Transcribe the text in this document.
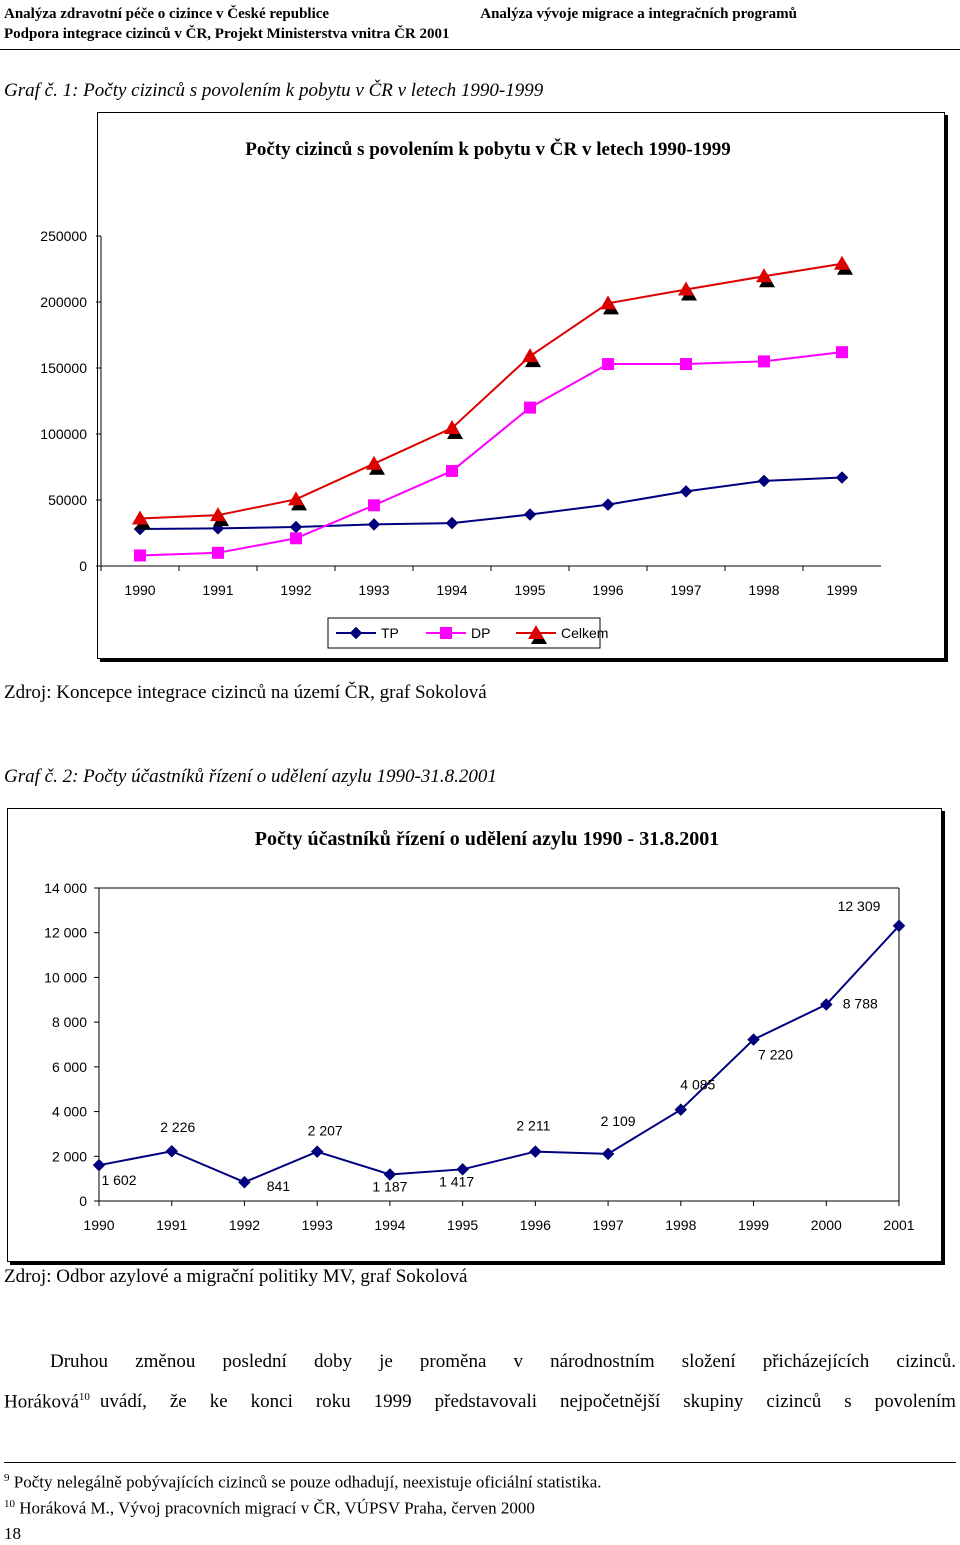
Analýza zdravotní péče o cizince v České republice	Analýza vývoje migrace a integračních programů
Podpora integrace cizinců v ČR, Projekt Ministerstva vnitra ČR 2001
Graf č. 1: Počty cizinců s povolením k pobytu v ČR v letech 1990-1999
Počty cizinců s povolením k pobytu v ČR v letech 1990-1999
0
50000
100000
150000
200000
250000
1990	1991	1992	1993	1994	1995	1996	1997	1998	1999
TP	DP	Celkem
Zdroj: Koncepce integrace cizinců na území ČR, graf Sokolová
Graf č. 2: Počty účastníků řízení o udělení azylu 1990-31.8.2001
Počty účastníků řízení o udělení azylu 1990 - 31.8.2001
0
2 000
4 000
6 000
8 000
10 000
12 000
14 000
1990	1991	1992	1993	1994	1995	1996	1997	1998	1999	2000	2001
1 602
2 226
841
2 207
1 187 1 417
2 211	2 109
4 085
7 220
8 788
12 309
Zdroj: Odbor azylové a migrační politiky MV, graf Sokolová
Druhou změnou poslední doby je proměna v národnostním složení přicházejících cizinců.
Horáková$^{10}$ uvádí, že ke konci roku 1999 představovali nejpočetnější skupiny cizinců s povolením
$^9$ Počty nelegálně pobývajících cizinců se pouze odhadují, neexistuje oficiální statistika.
$^{10}$ Horáková M., Vývoj pracovních migrací v ČR, VÚPSV Praha, červen 2000
18
